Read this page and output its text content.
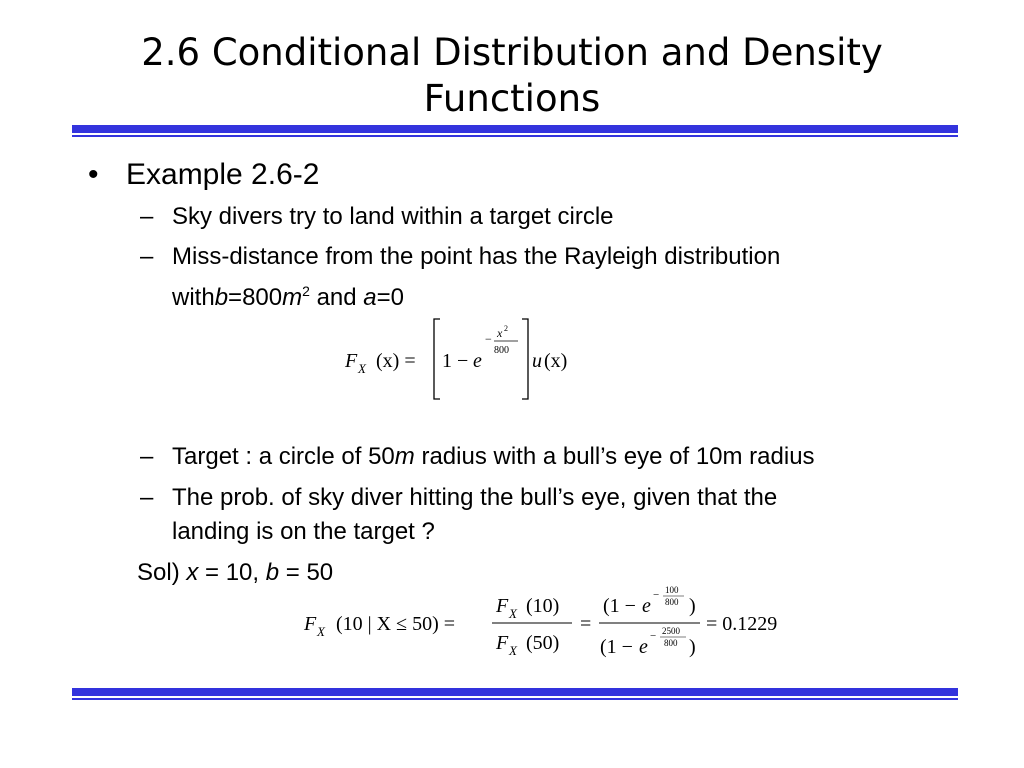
2.6 Conditional Distribution and Density
Functions
• Example 2.6-2
– Sky divers try to land within a target circle
– Miss-distance from the point has the Rayleigh distribution
$withb=800m^2$ and a=0
F X (x) = 1 − e
− x 2
800 u (x)
– Target : a circle of 50m radius with a bull’s eye of 10m radius
– The prob. of sky diver hitting the bull’s eye, given that the
landing is on the target ?
Sol) x = 10, b = 50
F X (10 | X ≤ 50) =
F X (10)
F X (50)
=
(1 − e − 100
800 )
(1 − e − 2500
800 )
= 0.1229
